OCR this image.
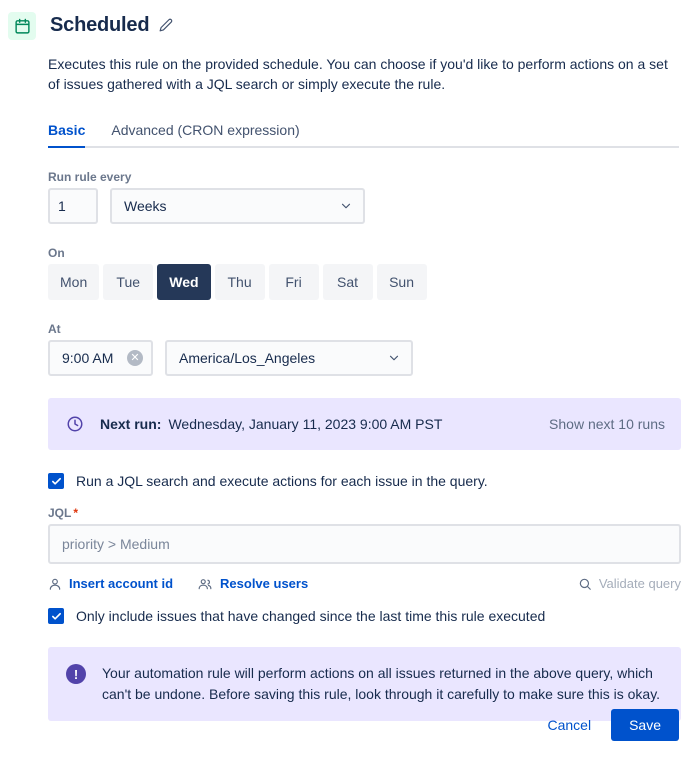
Scheduled
Executes this rule on the provided schedule. You can choose if you'd like to perform actions on a set of issues gathered with a JQL search or simply execute the rule.
Basic Advanced (CRON expression)
Run rule every
1
Weeks
On
Mon	Tue	Wed	Thu	Fri	Sat	Sun
At
9:00 AM	✕	America/Los_Angeles
Next run: Wednesday, January 11, 2023 9:00 AM PST	Show next 10 runs
Run a JQL search and execute actions for each issue in the query.
JQL *
priority > Medium
Insert account id	Resolve users	Validate query
Only include issues that have changed since the last time this rule executed
!	Your automation rule will perform actions on all issues returned in the above query, which can't be undone. Before saving this rule, look through it carefully to make sure this is okay.
Cancel	Save
